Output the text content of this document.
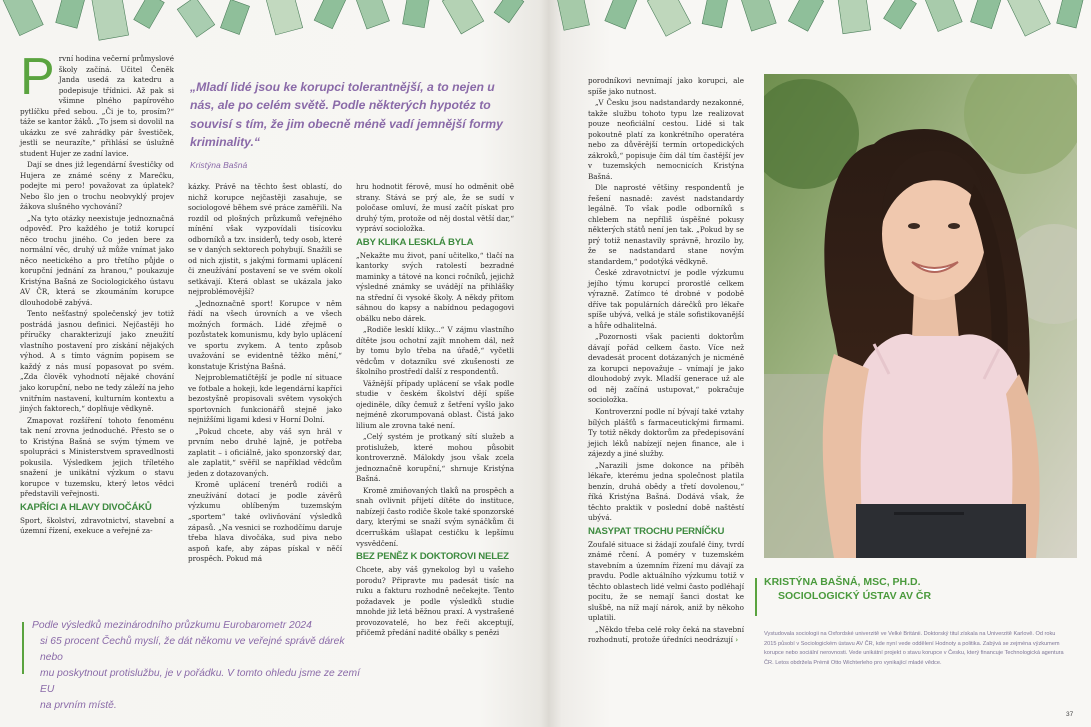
P rvní hodina večerní průmyslové školy začíná. Učitel Čeněk Janda usedá za katedru a podepisuje třídnici. Až pak si všimne plného papírového pytlíčku před sebou. „Či je to, prosím?“ táže se kantor žáků. „To jsem si dovolil na ukázku ze své zahrádky pár švestiček, jestli se neurazíte,“ přihlásí se úslužně student Hujer ze zadní lavice.

Dají se dnes již legendární švestičky od Hujera ze známé scény z Marečku, podejte mi pero! považovat za úplatek? Nebo šlo jen o trochu neobvyklý projev žákova slušného vychování?

„Na tyto otázky neexistuje jednoznačná odpověď. Pro každého je totiž korupcí něco trochu jiného. Co jeden bere za normální věc, druhý už může vnímat jako něco neetického a pro třetího půjde o korupční jednání za hranou,“ poukazuje Kristýna Bašná ze Sociologického ústavu AV ČR, která se zkoumáním korupce dlouhodobě zabývá.

Tento nešťastný společenský jev totiž postrádá jasnou definici. Nejčastěji ho příručky charakterizují jako zneužití vlastního postavení pro získání nějakých výhod. A s tímto vágním popisem se každý z nás musí popasovat po svém. „Zda člověk vyhodnotí nějaké chování jako korupční, nebo ne tedy záleží na jeho vnitřním nastavení, kulturním kontextu a jiných faktorech,“ doplňuje vědkyně.

Zmapovat rozšíření tohoto fenoménu tak není zrovna jednoduché. Přesto se o to Kristýna Bašná se svým týmem ve spolupráci s Ministerstvem spravedlnosti pokusila. Výsledkem jejich tříletého snažení je unikátní výzkum o stavu korupce v tuzemsku, který letos vědci představili veřejnosti.

KAPŘÍCI A HLAVY DIVOČÁKŮ

Sport, školství, zdravotnictví, stavební a územní řízení, exekuce a veřejné za-

„Mladí lidé jsou ke korupci tolerantnější, a to nejen u nás, ale po celém světě. Podle některých hypotéz to souvisí s tím, že jim obecně méně vadí jemnější formy kriminality.“
Kristýna Bašná

kázky. Právě na těchto šest oblastí, do nichž korupce nejčastěji zasahuje, se sociologové během své práce zaměřili. Na rozdíl od plošných průzkumů veřejného mínění však vyzpovídali tisícovku odborníků a tzv. insiderů, tedy osob, které se v daných sektorech pohybují. Snažili se od nich zjistit, s jakými formami uplácení či zneužívání postavení se ve svém okolí setkávají. Která oblast se ukázala jako nejproblémovější?

„Jednoznačně sport! Korupce v něm řádí na všech úrovních a ve všech možných formách. Lidé zřejmě o pozůstatek komunismu, kdy bylo uplácení ve sportu zvykem. A tento způsob uvažování se evidentně těžko mění,“ konstatuje Kristýna Bašná.

Nejproblematičtější je podle ní situace ve fotbale a hokeji, kde legendární kapříci bezostyšně propisovali světem vysokých sportovních funkcionářů stejně jako nejnižšími ligami kdesi v Horní Dolní.

„Pokud chcete, aby váš syn hrál v prvním nebo druhé lajně, je potřeba zaplatit – i oficiálně, jako sponzorský dar, ale zaplatit,“ svěřil se například vědcům jeden z dotazovaných.

Kromě uplácení trenérů rodiči a zneužívání dotací je podle závěrů výzkumu oblíbeným tuzemským „sportem“ také ovlivňování výsledků zápasů. „Na vesnici se rozhodčímu daruje třeba hlava divočáka, sud piva nebo aspoň kafe, aby zápas pískal v něčí prospěch. Pokud má

hru hodnotit férově, musí ho odměnit obě strany. Stává se prý ale, že se sudí v poločase omluví, že musí začít pískat pro druhý tým, protože od něj dostal větší dar,“ vypráví socioložka.

ABY KLIKA LESKLÁ BYLA

„Nekažte mu život, paní učitelko,“ tlačí na kantorky svých ratolestí bezradné maminky a tátové na konci ročníků, jejichž výsledné známky se uvádějí na přihlášky na střední či vysoké školy. A někdy přitom sáhnou do kapsy a nabídnou pedagogovi obálku nebo dárek.

„Rodiče lesklí kliky...“ V zájmu vlastního dítěte jsou ochotní zajít mnohem dál, než by tomu bylo třeba na úřadě,“ vyčetli vědcům v dotazníku své zkušenosti ze školního prostředí další z respondentů.

Vážnější případy uplácení se však podle studie v českém školství dějí spíše ojediněle, díky čemuž z šetření vyšlo jako nejméně zkorumpovaná oblast. Čistá jako lilium ale zrovna také není.

„Celý systém je protkaný sítí služeb a protislužeb, které mohou působit kontroverzně. Málokdy jsou však zcela jednoznačně korupční,“ shrnuje Kristýna Bašná.

Kromě zmiňovaných tlaků na prospěch a snah ovlivnit přijetí dítěte do instituce, nabízejí často rodiče škole také sponzorské dary, kterými se snaží svým synáčkům či dcerruškám ušlapat cestičku k lepšímu vysvědčení.

BEZ PENĚZ K DOKTOROVI NELEZ

Chcete, aby váš gynekolog byl u vašeho porodu? Připravte mu padesát tisíc na ruku a fakturu rozhodně nečekejte. Tento požadavek je podle výsledků studie mnohde již letá běžnou praxí. A vystrašené provozovatelé, ho bez řeči akceptují, přičemž předání nadité obálky s penězi

Podle výsledků mezinárodního průzkumu Eurobarometr 2024
si 65 procent Čechů myslí, že dát někomu ve veřejné správě dárek nebo
mu poskytnout protislužbu, je v pořádku. V tomto ohledu jsme ze zemí EU
na prvním místě.

porodníkovi nevnímají jako korupci, ale spíše jako nutnost.

„V Česku jsou nadstandardy nezakonné, takže službu tohoto typu lze realizovat pouze neoficiální cestou. Lidé si tak pokoutně platí za konkrétního operatéra nebo za důvěrější termín ortopedických zákroků,“ popisuje čím dál tím častější jev v tuzemských nemocnicích Kristýna Bašná.

Dle naprosté většiny respondentů je řešení nasnadě: zavést nadstandardy legálně. To však podle odborníků s chlebem na nepříliš úspěšné pokusy některých států není jen tak. „Pokud by se prý totiž nenastavily správně, hrozilo by, že se nadstandard stane novým standardem,“ podotýká vědkyně.

České zdravotnictví je podle výzkumu jejího týmu korupcí prorostlé celkem výrazně. Zatímco té drobné v podobě dříve tak populárních dárečků pro lékaře spíše ubývá, velká je stále sofistikovanější a hůře odhalitelná.

„Pozornosti však pacienti doktorům dávají pořád celkem často. Více než devadesát procent dotázaných je nicméně za korupci nepovažuje – vnímají je jako dlouhodobý zvyk. Mladší generace už ale od něj začíná ustupovat,“ pokračuje socioložka.

Kontroverzní podle ní bývají také vztahy bílých plášťů s farmaceutickými firmami. Ty totiž někdy doktorům za předepisování jejich léků nabízejí nejen finance, ale i zájezdy a jiné služby.

„Narazili jsme dokonce na příběh lékaře, kterému jedna společnost platila benzín, druhá obědy a třetí dovolenou,“ říká Kristýna Bašná. Dodává však, že těchto praktik v poslední době naštěstí ubývá.

NASYPAT TROCHU PERNÍČKU

Zoufalé situace si žádají zoufalé činy, tvrdí známé rčení. A poméry v tuzemském stavebním a územním řízení mu dávají za pravdu. Podle aktuálního výzkumu totiž v těchto oblastech lidé velmi často podléhají pocitu, že se nemají šanci dostat ke slušbě, na níž mají nárok, aniž by někoho uplatili.

„Někdo třeba celé roky čeká na stavební rozhodnutí, protože úředníci neodrázují ›

KRISTÝNA BAŠNÁ, MSC, PH.D.
SOCIOLOGICKÝ ÚSTAV AV ČR
Vystudovala sociologii na Oxfordské univerzitě ve Velké Británii. Doktorský titul získala na Univerzitě Karlově. Od roku 2015 působí v Sociologickém ústavu AV ČR, kde nyní vede oddělení Hodnoty a politika. Zabývá se zejména výzkumem korupce nebo sociální nerovnosti. Vede unikátní projekt o stavu korupce v Česku, který financuje Technologická agentura ČR. Letos obdržela Prémii Otto Wichterleho pro vynikající mladé vědce.
37
